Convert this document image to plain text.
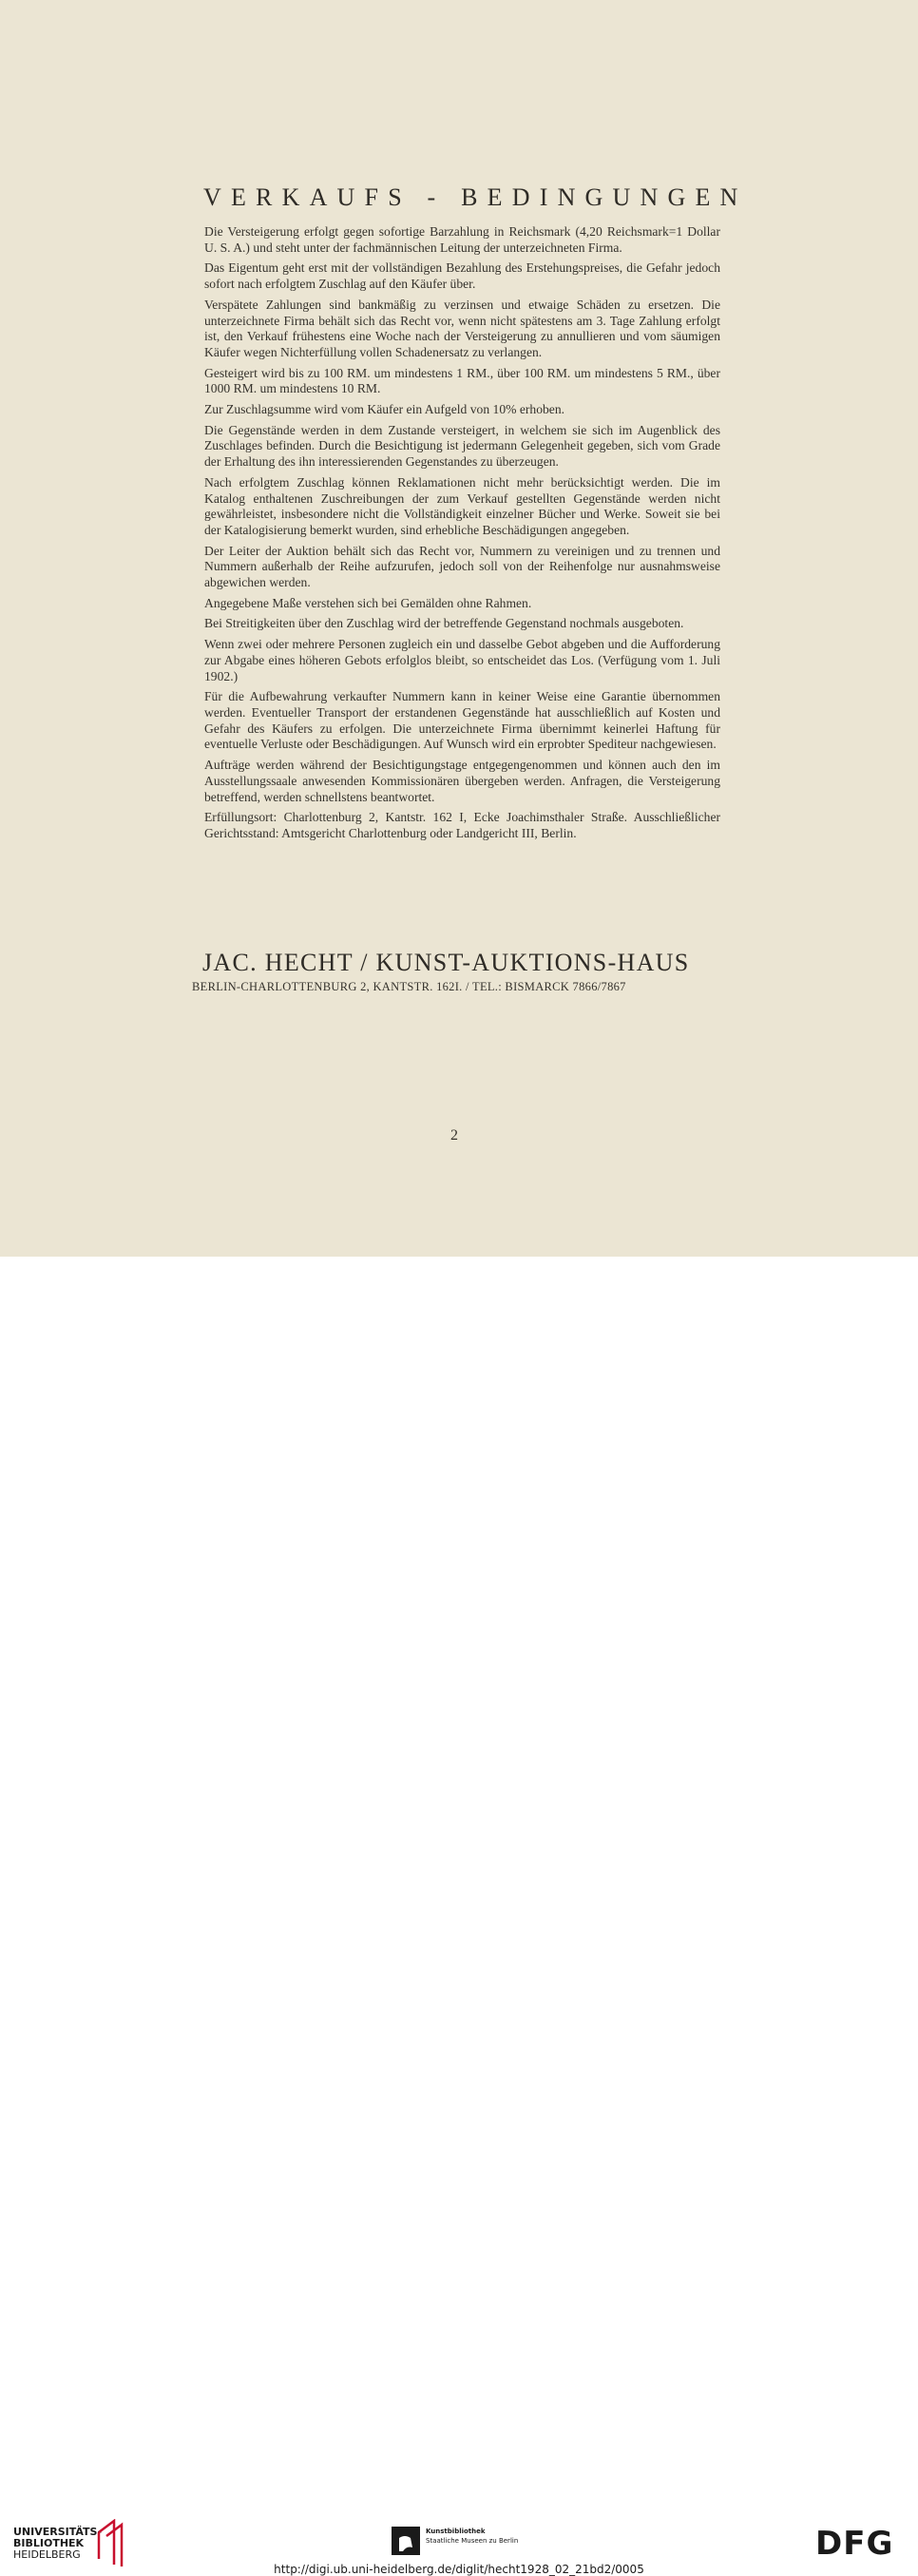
VERKAUFS - BEDINGUNGEN

Die Versteigerung erfolgt gegen sofortige Barzahlung in Reichsmark (4,20 Reichsmark=1 Dollar U. S. A.) und steht unter der fachmännischen Leitung der unterzeichneten Firma.

Das Eigentum geht erst mit der vollständigen Bezahlung des Erstehungspreises, die Gefahr jedoch sofort nach erfolgtem Zuschlag auf den Käufer über.

Verspätete Zahlungen sind bankmäßig zu verzinsen und etwaige Schäden zu ersetzen. Die unterzeichnete Firma behält sich das Recht vor, wenn nicht spätestens am 3. Tage Zahlung erfolgt ist, den Verkauf frühestens eine Woche nach der Versteigerung zu annullieren und vom säumigen Käufer wegen Nichterfüllung vollen Schadenersatz zu verlangen.

Gesteigert wird bis zu 100 RM. um mindestens 1 RM., über 100 RM. um mindestens 5 RM., über 1000 RM. um mindestens 10 RM.

Zur Zuschlagsumme wird vom Käufer ein Aufgeld von 10% erhoben.

Die Gegenstände werden in dem Zustande versteigert, in welchem sie sich im Augenblick des Zuschlages befinden. Durch die Besichtigung ist jedermann Gelegenheit gegeben, sich vom Grade der Erhaltung des ihn interessierenden Gegenstandes zu überzeugen.

Nach erfolgtem Zuschlag können Reklamationen nicht mehr berücksichtigt werden. Die im Katalog enthaltenen Zuschreibungen der zum Verkauf gestellten Gegenstände werden nicht gewährleistet, insbesondere nicht die Vollständigkeit einzelner Bücher und Werke. Soweit sie bei der Katalogisierung bemerkt wurden, sind erhebliche Beschädigungen angegeben.

Der Leiter der Auktion behält sich das Recht vor, Nummern zu vereinigen und zu trennen und Nummern außerhalb der Reihe aufzurufen, jedoch soll von der Reihenfolge nur ausnahmsweise abgewichen werden.

Angegebene Maße verstehen sich bei Gemälden ohne Rahmen.

Bei Streitigkeiten über den Zuschlag wird der betreffende Gegenstand nochmals ausgeboten.

Wenn zwei oder mehrere Personen zugleich ein und dasselbe Gebot abgeben und die Aufforderung zur Abgabe eines höheren Gebots erfolglos bleibt, so entscheidet das Los. (Verfügung vom 1. Juli 1902.)

Für die Aufbewahrung verkaufter Nummern kann in keiner Weise eine Garantie übernommen werden. Eventueller Transport der erstandenen Gegenstände hat ausschließlich auf Kosten und Gefahr des Käufers zu erfolgen. Die unterzeichnete Firma übernimmt keinerlei Haftung für eventuelle Verluste oder Beschädigungen. Auf Wunsch wird ein erprobter Spediteur nachgewiesen.

Aufträge werden während der Besichtigungstage entgegengenommen und können auch den im Ausstellungssaale anwesenden Kommissionären übergeben werden. Anfragen, die Versteigerung betreffend, werden schnellstens beantwortet.

Erfüllungsort: Charlottenburg 2, Kantstr. 162 I, Ecke Joachimsthaler Straße. Ausschließlicher Gerichtsstand: Amtsgericht Charlottenburg oder Landgericht III, Berlin.

JAC. HECHT / KUNST-AUKTIONS-HAUS
BERLIN-CHARLOTTENBURG 2, KANTSTR. 162I. / TEL.: BISMARCK 7866/7867
2
UNIVERSITÄTS-
BIBLIOTHEK
HEIDELBERG
Kunstbibliothek
Staatliche Museen zu Berlin	DFG
http://digi.ub.uni-heidelberg.de/diglit/hecht1928_02_21bd2/0005
